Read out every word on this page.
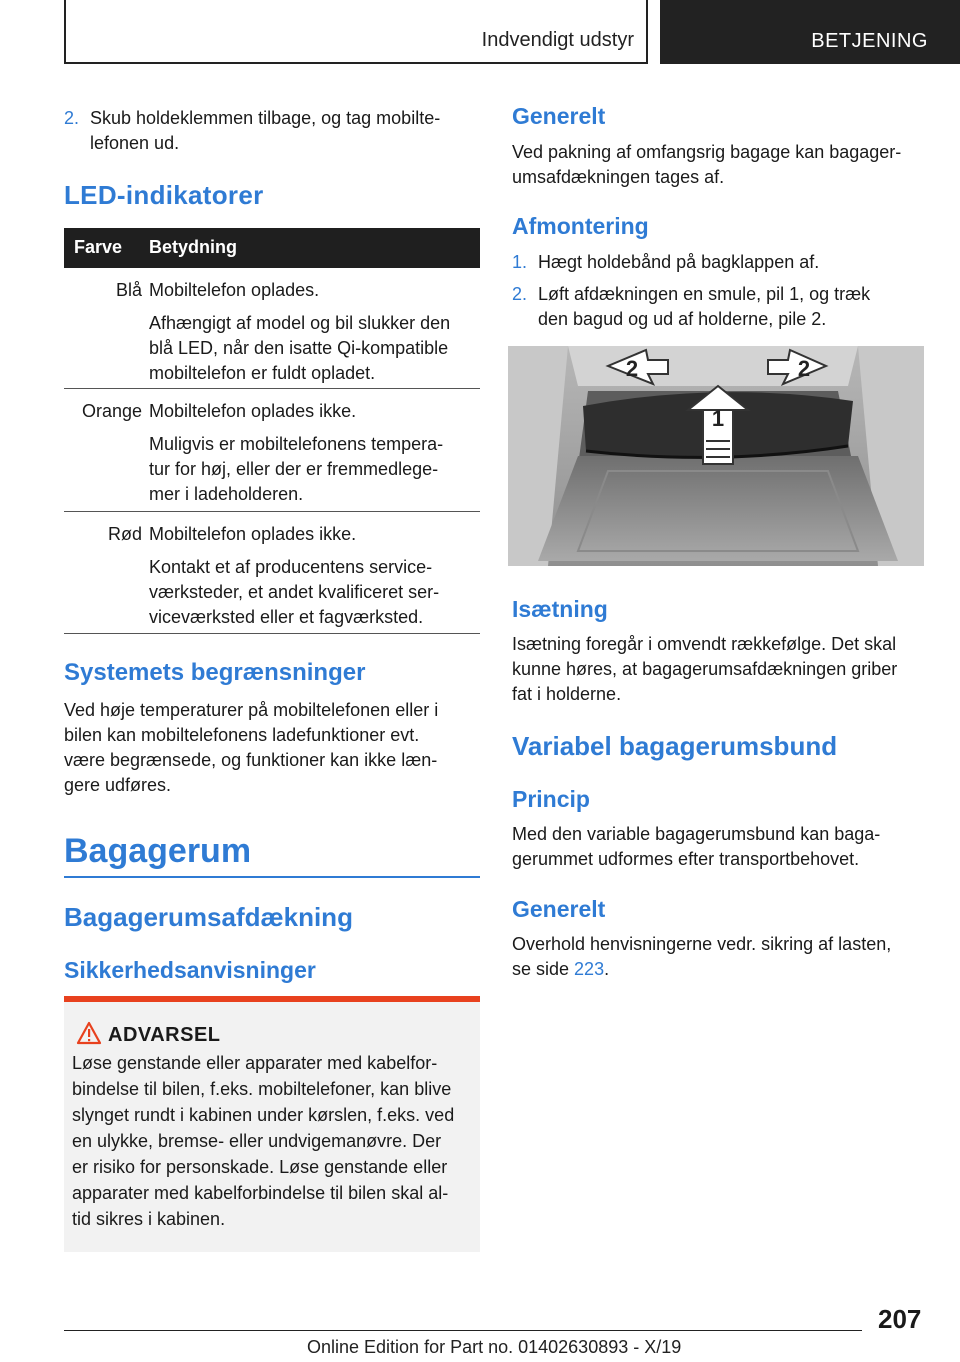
Indvendigt udstyr	BETJENING
2. Skub holdeklemmen tilbage, og tag mobilte-
lefonen ud.
LED-indikatorer
Farve Betydning
Blå Mobiltelefon oplades.

Afhængigt af model og bil slukker den
blå LED, når den isatte Qi-kompatible
mobiltelefon er fuldt opladet.
Orange Mobiltelefon oplades ikke.

Muligvis er mobiltelefonens tempera-
tur for høj, eller der er fremmedlege-
mer i ladeholderen.
Rød Mobiltelefon oplades ikke.

Kontakt et af producentens service-
værksteder, et andet kvalificeret ser-
viceværksted eller et fagværksted.
Systemets begrænsninger
Ved høje temperaturer på mobiltelefonen eller i
bilen kan mobiltelefonens ladefunktioner evt.
være begrænsede, og funktioner kan ikke læn-
gere udføres.
Bagagerum
Bagagerumsafdækning
Sikkerhedsanvisninger
ADVARSEL
Løse genstande eller apparater med kabelfor-
bindelse til bilen, f.eks. mobiltelefoner, kan blive
slynget rundt i kabinen under kørslen, f.eks. ved
en ulykke, bremse- eller undvigemanøvre. Der
er risiko for personskade. Løse genstande eller
apparater med kabelforbindelse til bilen skal al-
tid sikres i kabinen.
Generelt
Ved pakning af omfangsrig bagage kan bagager-
umsafdækningen tages af.
Afmontering
1. Hægt holdebånd på bagklappen af.
2. Løft afdækningen en smule, pil 1, og træk
den bagud og ud af holderne, pile 2.
1
2	2
Isætning
Isætning foregår i omvendt rækkefølge. Det skal
kunne høres, at bagagerumsafdækningen griber
fat i holderne.
Variabel bagagerumsbund
Princip
Med den variable bagagerumsbund kan baga-
gerummet udformes efter transportbehovet.
Generelt
Overhold henvisningerne vedr. sikring af lasten,
se side 223.
207
Online Edition for Part no. 01402630893 - X/19
